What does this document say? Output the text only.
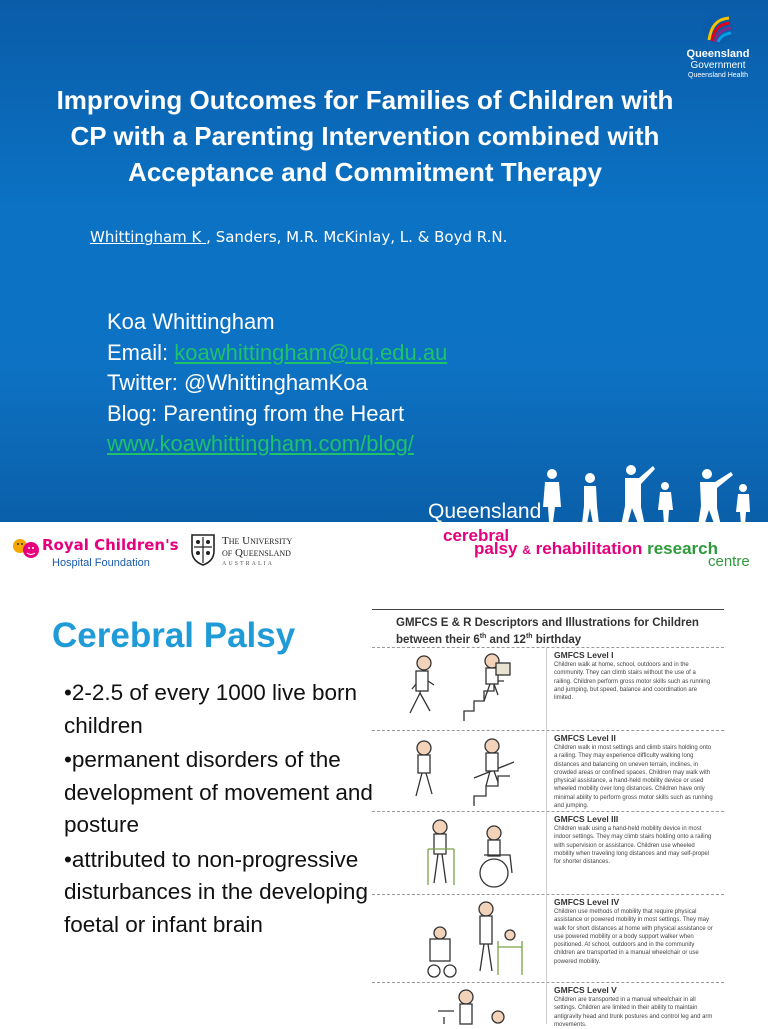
Queensland
Government
Queensland Health
Improving Outcomes for Families of Children with CP with a Parenting Intervention combined with Acceptance and Commitment Therapy
Whittingham K , Sanders, M.R. McKinlay, L. & Boyd R.N.
Koa Whittingham
Email: koawhittingham@uq.edu.au
Twitter: @WhittinghamKoa
Blog: Parenting from the Heart
www.koawhittingham.com/blog/
Queensland
cerebral
palsy & rehabilitation research
centre
Royal Children's
Hospital Foundation
The University
of Queensland
AUSTRALIA
Cerebral Palsy
•2-2.5 of every 1000 live born children
•permanent disorders of the development of movement and posture
•attributed to non-progressive disturbances in the developing foetal or infant brain
GMFCS E & R Descriptors and Illustrations for Children between their 6th and 12th birthday
GMFCS Level I
Children walk at home, school, outdoors and in the community. They can climb stairs without the use of a railing. Children perform gross motor skills such as running and jumping, but speed, balance and coordination are limited.
GMFCS Level II
Children walk in most settings and climb stairs holding onto a railing. They may experience difficulty walking long distances and balancing on uneven terrain, inclines, in crowded areas or confined spaces. Children may walk with physical assistance, a hand-held mobility device or used wheeled mobility over long distances. Children have only minimal ability to perform gross motor skills such as running and jumping.
GMFCS Level III
Children walk using a hand-held mobility device in most indoor settings. They may climb stairs holding onto a railing with supervision or assistance. Children use wheeled mobility when traveling long distances and may self-propel for shorter distances.
GMFCS Level IV
Children use methods of mobility that require physical assistance or powered mobility in most settings. They may walk for short distances at home with physical assistance or use powered mobility or a body support walker when positioned. At school, outdoors and in the community children are transported in a manual wheelchair or use powered mobility.
GMFCS Level V
Children are transported in a manual wheelchair in all settings. Children are limited in their ability to maintain antigravity head and trunk postures and control leg and arm movements.
